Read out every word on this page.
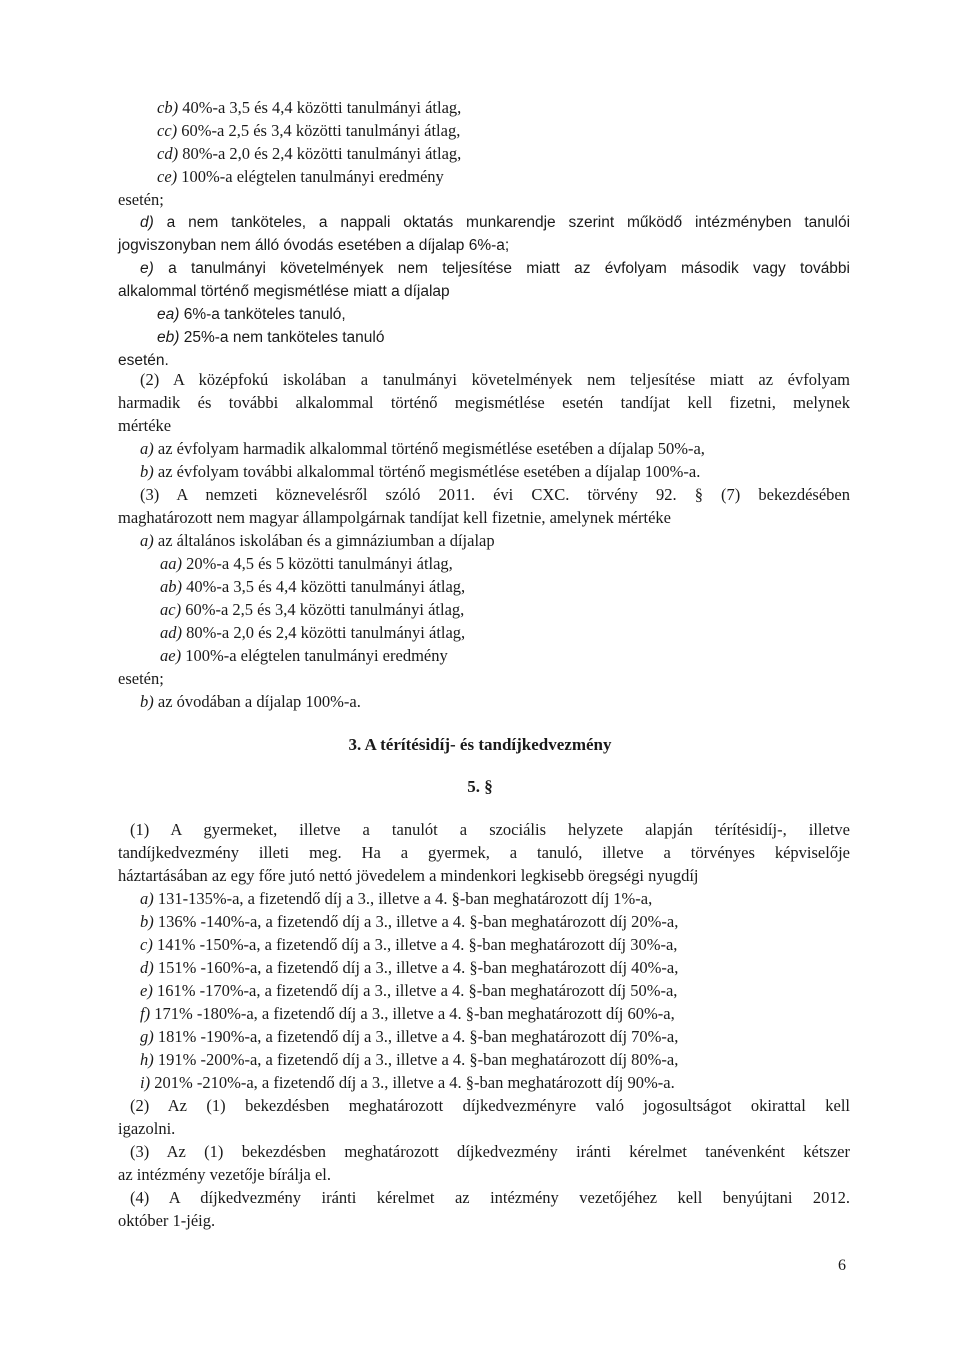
cb) 40%-a 3,5 és 4,4 közötti tanulmányi átlag,
cc) 60%-a 2,5 és 3,4 közötti tanulmányi átlag,
cd) 80%-a 2,0 és 2,4 közötti tanulmányi átlag,
ce) 100%-a elégtelen tanulmányi eredmény
esetén;
d) a nem tanköteles, a nappali oktatás munkarendje szerint működő intézményben tanulói
jogviszonyban nem álló óvodás esetében a díjalap 6%-a;
e) a tanulmányi követelmények nem teljesítése miatt az évfolyam második vagy további
alkalommal történő megismétlése miatt a díjalap
ea) 6%-a tanköteles tanuló,
eb) 25%-a nem tanköteles tanuló
esetén.
(2) A középfokú iskolában a tanulmányi követelmények nem teljesítése miatt az évfolyam
harmadik és további alkalommal történő megismétlése esetén tandíjat kell fizetni, melynek
mértéke
a) az évfolyam harmadik alkalommal történő megismétlése esetében a díjalap 50%-a,
b) az évfolyam további alkalommal történő megismétlése esetében a díjalap 100%-a.
(3) A nemzeti köznevelésről szóló 2011. évi CXC. törvény 92. § (7) bekezdésében
maghatározott nem magyar állampolgárnak tandíjat kell fizetnie, amelynek mértéke
a) az általános iskolában és a gimnáziumban a díjalap
aa) 20%-a 4,5 és 5 közötti tanulmányi átlag,
ab) 40%-a 3,5 és 4,4 közötti tanulmányi átlag,
ac) 60%-a 2,5 és 3,4 közötti tanulmányi átlag,
ad) 80%-a 2,0 és 2,4 közötti tanulmányi átlag,
ae) 100%-a elégtelen tanulmányi eredmény
esetén;
b) az óvodában a díjalap 100%-a.
3. A térítésidíj- és tandíjkedvezmény
5. §
(1) A gyermeket, illetve a tanulót a szociális helyzete alapján térítésidíj-, illetve
tandíjkedvezmény illeti meg. Ha a gyermek, a tanuló, illetve a törvényes képviselője
háztartásában az egy főre jutó nettó jövedelem a mindenkori legkisebb öregségi nyugdíj
a) 131-135%-a, a fizetendő díj a 3., illetve a 4. §-ban meghatározott díj 1%-a,
b) 136% -140%-a, a fizetendő díj a 3., illetve a 4. §-ban meghatározott díj 20%-a,
c) 141% -150%-a, a fizetendő díj a 3., illetve a 4. §-ban meghatározott díj 30%-a,
d) 151% -160%-a, a fizetendő díj a 3., illetve a 4. §-ban meghatározott díj 40%-a,
e) 161% -170%-a, a fizetendő díj a 3., illetve a 4. §-ban meghatározott díj 50%-a,
f) 171% -180%-a, a fizetendő díj a 3., illetve a 4. §-ban meghatározott díj 60%-a,
g) 181% -190%-a, a fizetendő díj a 3., illetve a 4. §-ban meghatározott díj 70%-a,
h) 191% -200%-a, a fizetendő díj a 3., illetve a 4. §-ban meghatározott díj 80%-a,
i) 201% -210%-a, a fizetendő díj a 3., illetve a 4. §-ban meghatározott díj 90%-a.
(2) Az (1) bekezdésben meghatározott díjkedvezményre való jogosultságot okirattal kell
igazolni.
(3) Az (1) bekezdésben meghatározott díjkedvezmény iránti kérelmet tanévenként kétszer
az intézmény vezetője bírálja el.
(4) A díjkedvezmény iránti kérelmet az intézmény vezetőjéhez kell benyújtani 2012.
október 1-jéig.
6
